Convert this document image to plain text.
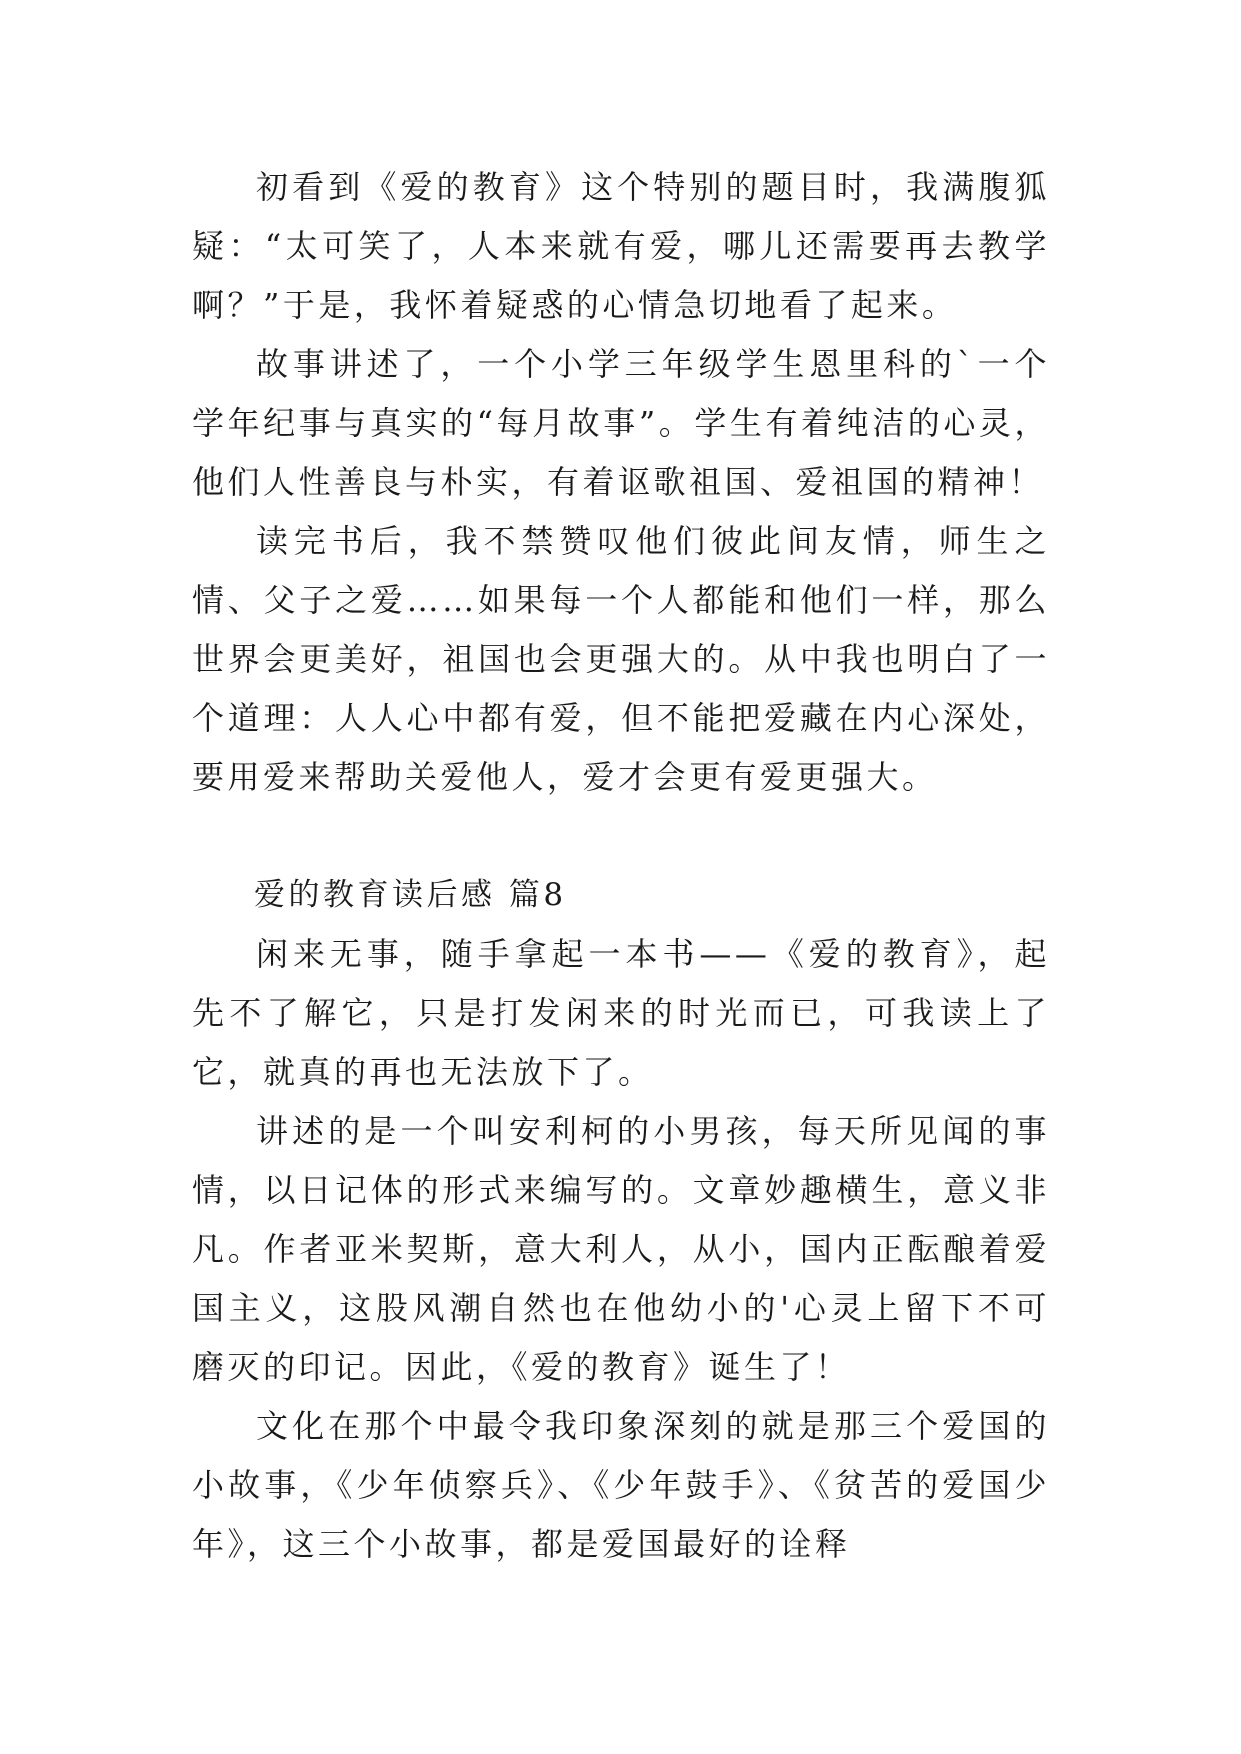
初看到《爱的教育》这个特别的题目时，我满腹狐疑：“太可笑了，人本来就有爱，哪儿还需要再去教学啊？”于是，我怀着疑惑的心情急切地看了起来。

故事讲述了，一个小学三年级学生恩里科的`一个学年纪事与真实的“每月故事”。学生有着纯洁的心灵，他们人性善良与朴实，有着讴歌祖国、爱祖国的精神！

读完书后，我不禁赞叹他们彼此间友情，师生之情、父子之爱……如果每一个人都能和他们一样，那么世界会更美好，祖国也会更强大的。从中我也明白了一个道理：人人心中都有爱，但不能把爱藏在内心深处，要用爱来帮助关爱他人，爱才会更有爱更强大。

爱的教育读后感 篇8

闲来无事，随手拿起一本书——《爱的教育》，起先不了解它，只是打发闲来的时光而已，可我读上了它，就真的再也无法放下了。

讲述的是一个叫安利柯的小男孩，每天所见闻的事情，以日记体的形式来编写的。文章妙趣横生，意义非凡。作者亚米契斯，意大利人，从小，国内正酝酿着爱国主义，这股风潮自然也在他幼小的'心灵上留下不可磨灭的印记。因此，《爱的教育》诞生了！

文化在那个中最令我印象深刻的就是那三个爱国的小故事，《少年侦察兵》、《少年鼓手》、《贫苦的爱国少年》，这三个小故事，都是爱国最好的诠释
